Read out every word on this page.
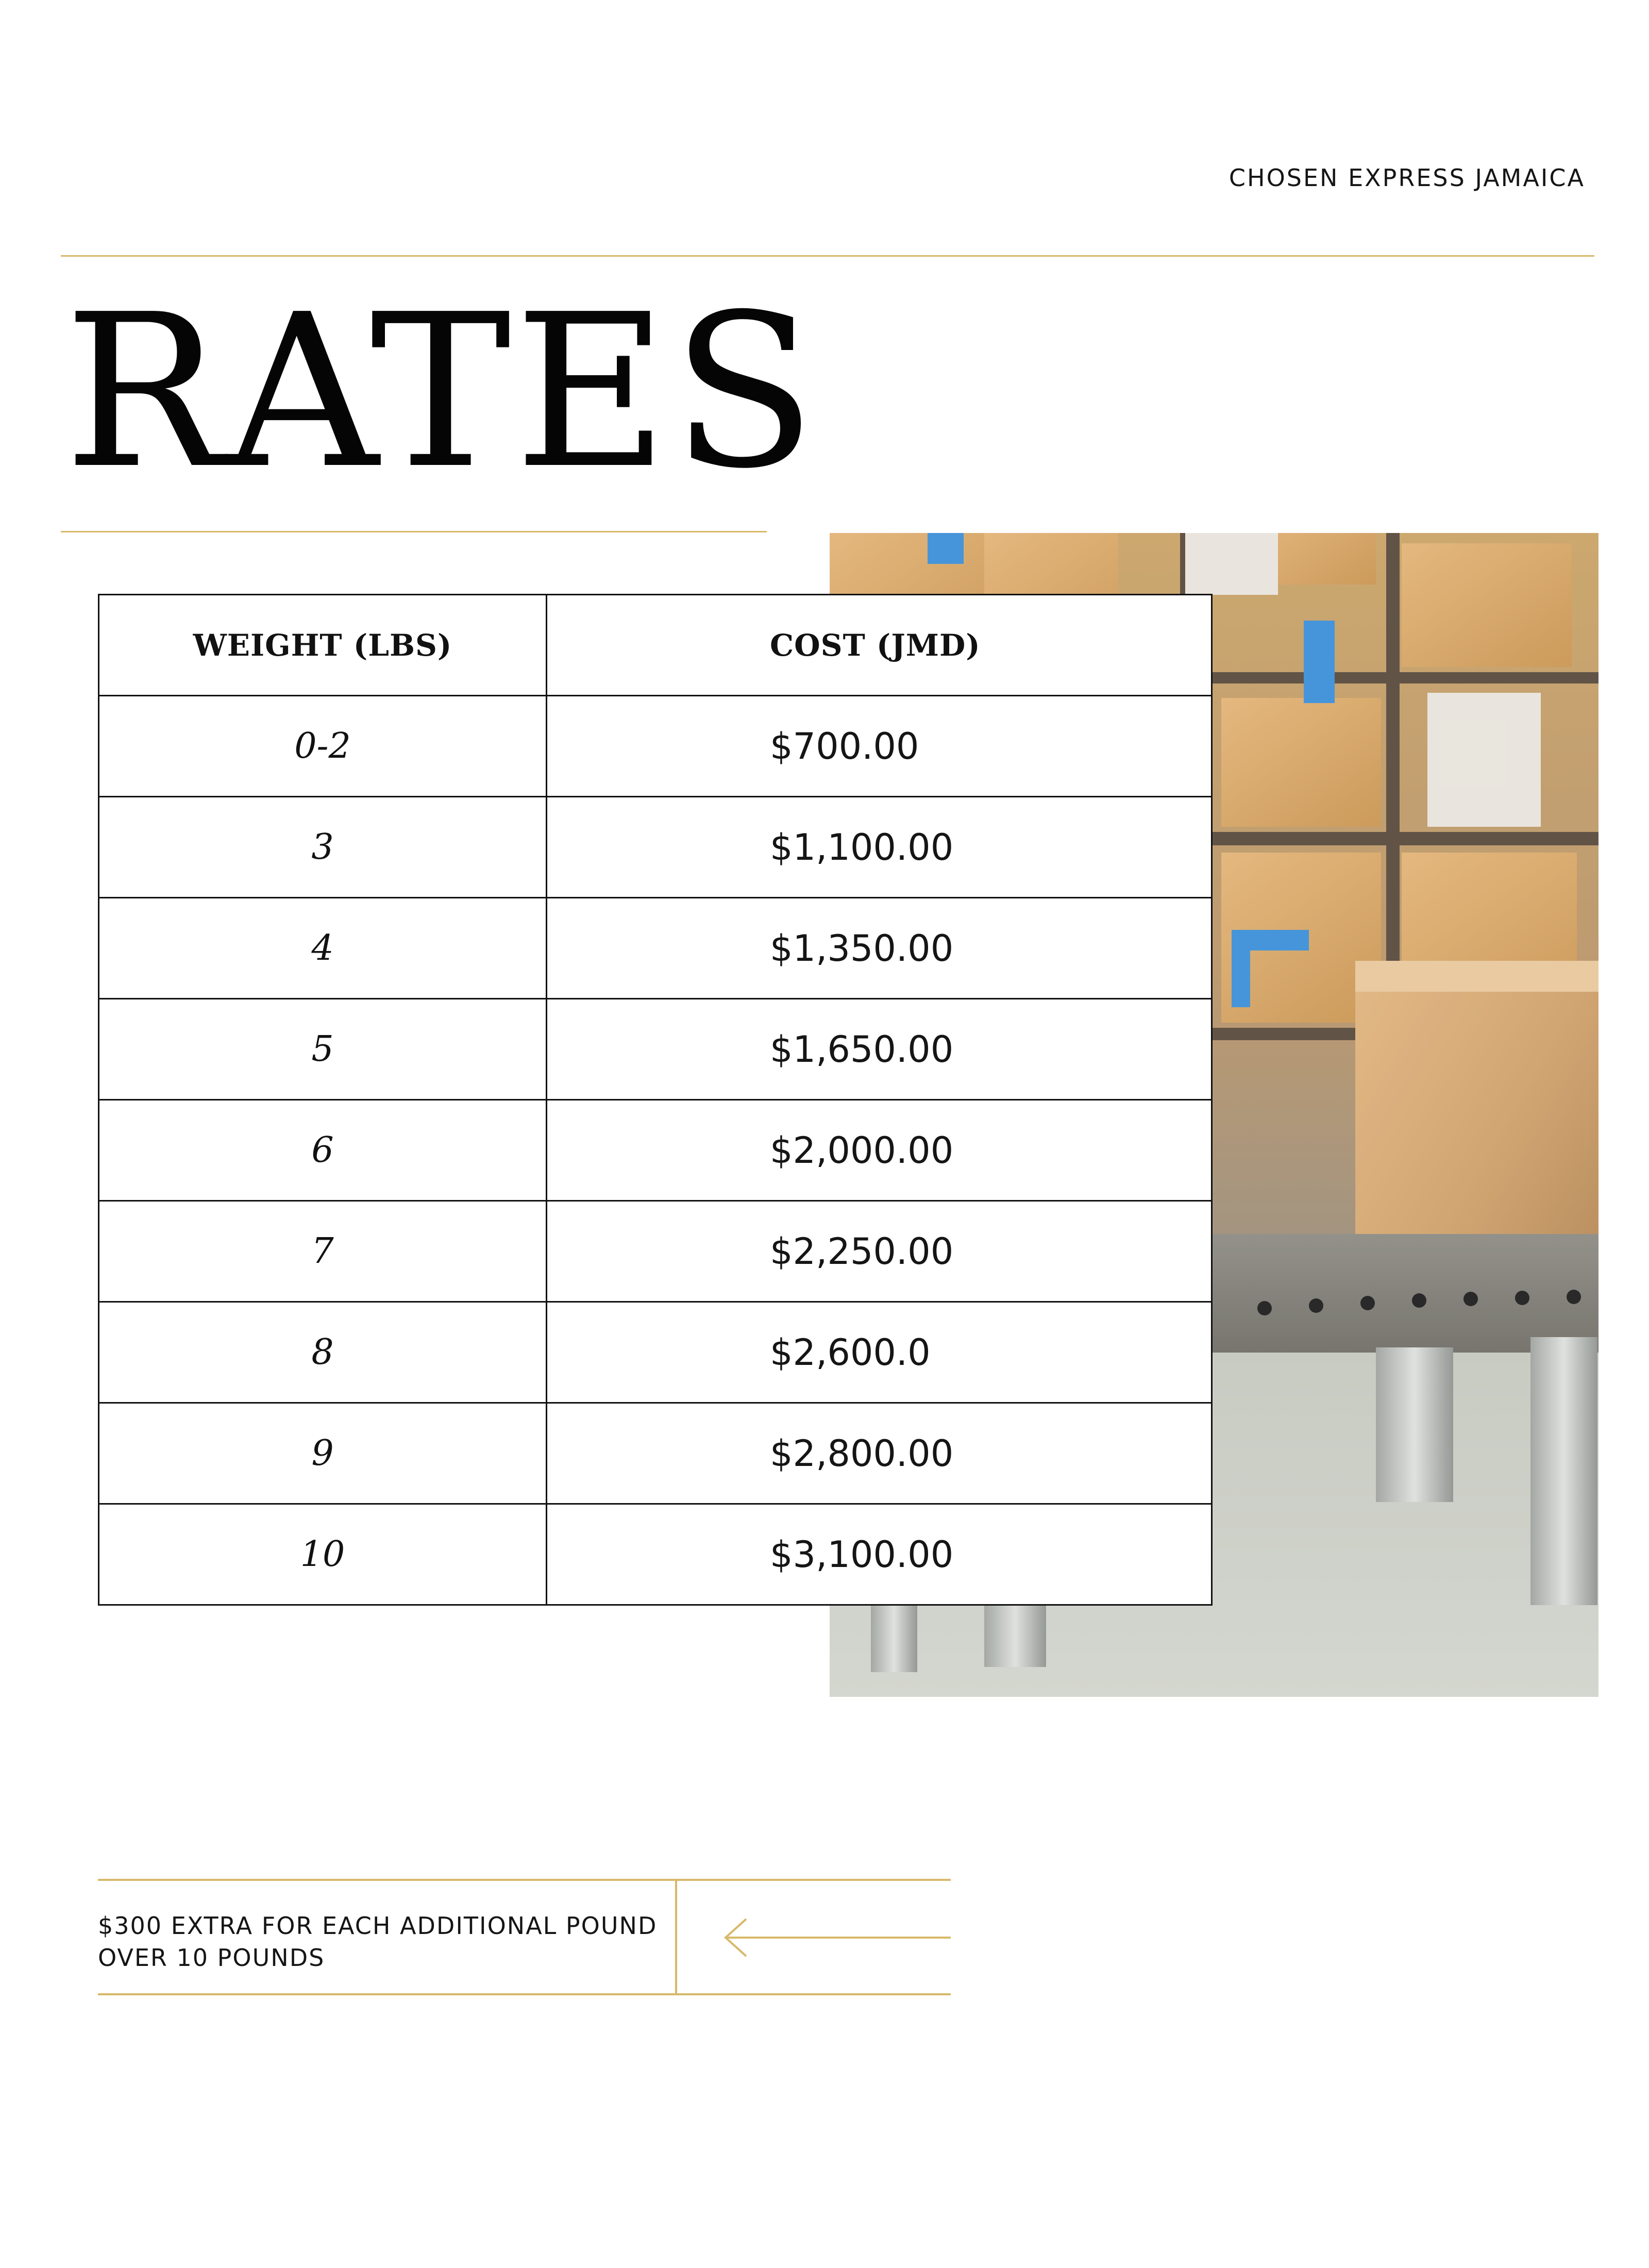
CHOSEN EXPRESS JAMAICA
RATES
WEIGHT (LBS)	COST (JMD)
0-2	$700.00
3	$1,100.00
4	$1,350.00
5	$1,650.00
6	$2,000.00
7	$2,250.00
8	$2,600.0
9	$2,800.00
10	$3,100.00
$300 EXTRA FOR EACH ADDITIONAL POUND
OVER 10 POUNDS
